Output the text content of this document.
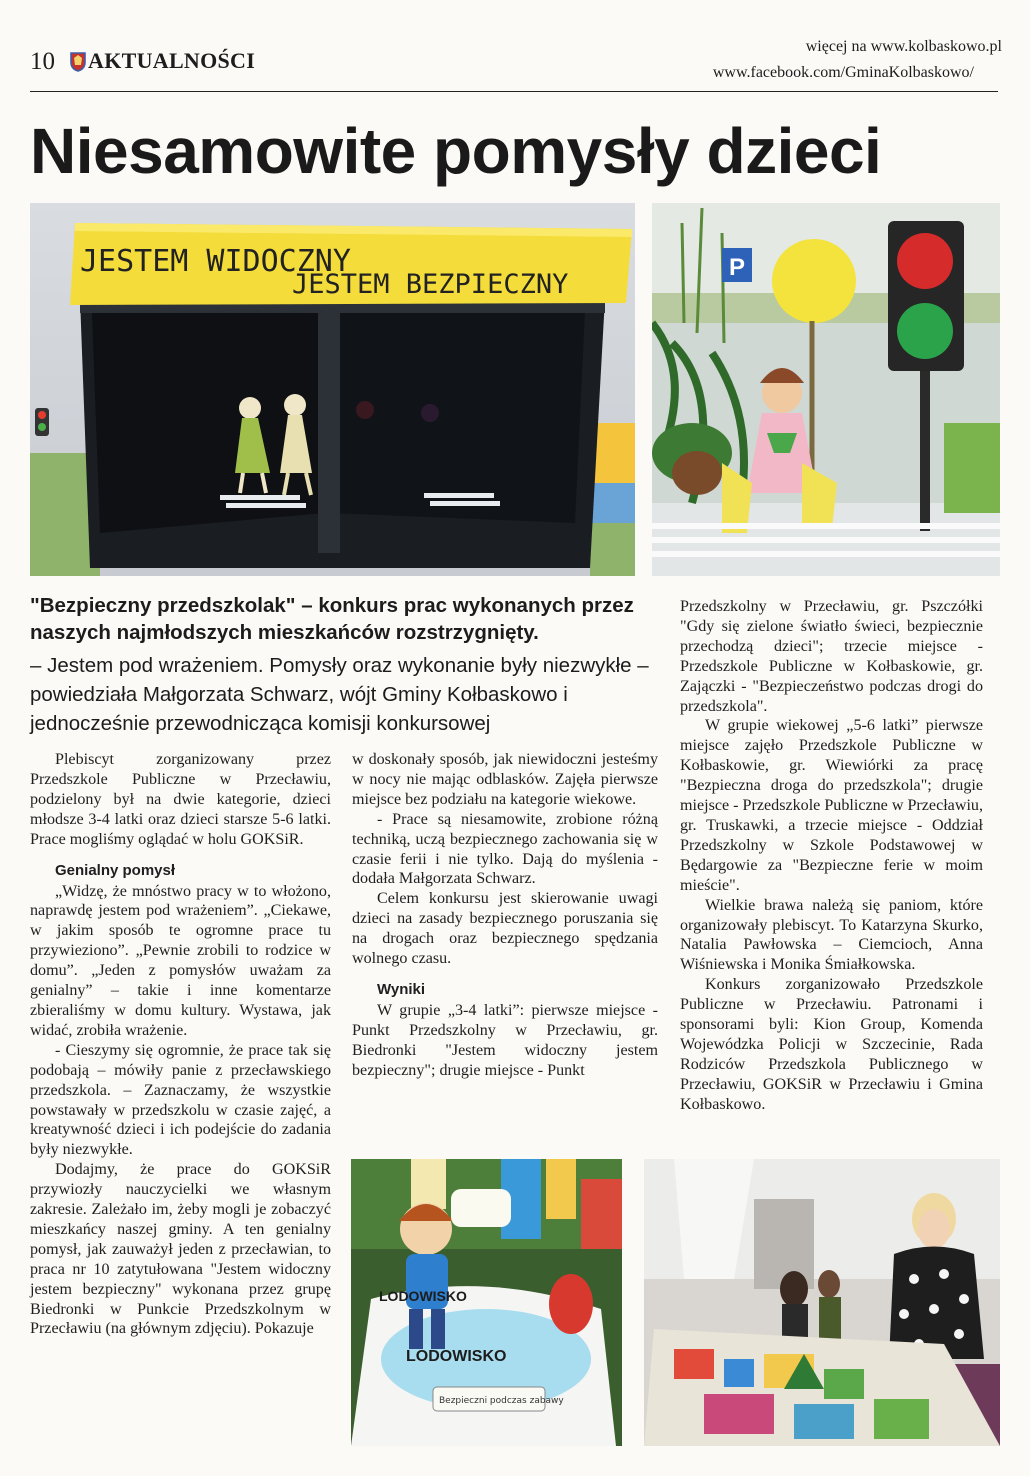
10	AKTUALNOŚCI
więcej na www.kolbaskowo.pl
www.facebook.com/GminaKolbaskowo/
Niesamowite pomysły dzieci
JESTEM WIDOCZNY
JESTEM BEZPIECZNY
P
"Bezpieczny przedszkolak" – konkurs prac wykonanych przez naszych najmłodszych mieszkańców rozstrzygnięty.
– Jestem pod wrażeniem. Pomysły oraz wykonanie były niezwykłe – powiedziała Małgorzata Schwarz, wójt Gminy Kołbaskowo i jednocześnie przewodnicząca komisji konkursowej

Plebiscyt zorganizowany przez Przedszkole Publiczne w Przecławiu, podzielony był na dwie kategorie, dzieci młodsze 3-4 latki oraz dzieci starsze 5-6 latki. Prace mogliśmy oglądać w holu GOKSiR.

Genialny pomysł

„Widzę, że mnóstwo pracy w to włożono, naprawdę jestem pod wrażeniem”. „Ciekawe, w jakim sposób te ogromne prace tu przywieziono”. „Pewnie zrobili to rodzice w domu”. „Jeden z pomysłów uważam za genialny” – takie i inne komentarze zbieraliśmy w domu kultury. Wystawa, jak widać, zrobiła wrażenie.

- Cieszymy się ogromnie, że prace tak się podobają – mówiły panie z przecławskiego przedszkola. – Zaznaczamy, że wszystkie powstawały w przedszkolu w czasie zajęć, a kreatywność dzieci i ich podejście do zadania były niezwykłe.

Dodajmy, że prace do GOKSiR przywiozły nauczycielki we własnym zakresie. Zależało im, żeby mogli je zobaczyć mieszkańcy naszej gminy. A ten genialny pomysł, jak zauważył jeden z przecławian, to praca nr 10 zatytułowana "Jestem widoczny jestem bezpieczny" wykonana przez grupę Biedronki w Punkcie Przedszkolnym w Przecławiu (na głównym zdjęciu). Pokazuje

w doskonały sposób, jak niewidoczni jesteśmy w nocy nie mając odblasków. Zajęła pierwsze miejsce bez podziału na kategorie wiekowe.

- Prace są niesamowite, zrobione różną techniką, uczą bezpiecznego zachowania się w czasie ferii i nie tylko. Dają do myślenia - dodała Małgorzata Schwarz.

Celem konkursu jest skierowanie uwagi dzieci na zasady bezpiecznego poruszania się na drogach oraz bezpiecznego spędzania wolnego czasu.

Wyniki

W grupie „3-4 latki”: pierwsze miejsce - Punkt Przedszkolny w Przecławiu, gr. Biedronki "Jestem widoczny jestem bezpieczny"; drugie miejsce - Punkt

Przedszkolny w Przecławiu, gr. Pszczółki "Gdy się zielone światło świeci, bezpiecznie przechodzą dzieci"; trzecie miejsce - Przedszkole Publiczne w Kołbaskowie, gr. Zajączki - "Bezpieczeństwo podczas drogi do przedszkola".

W grupie wiekowej „5-6 latki” pierwsze miejsce zajęło Przedszkole Publiczne w Kołbaskowie, gr. Wiewiórki za pracę "Bezpieczna droga do przedszkola"; drugie miejsce - Przedszkole Publiczne w Przecławiu, gr. Truskawki, a trzecie miejsce - Oddział Przedszkolny w Szkole Podstawowej w Będargowie za "Bezpieczne ferie w moim mieście".

Wielkie brawa należą się paniom, które organizowały plebiscyt. To Katarzyna Skurko, Natalia Pawłowska – Ciemcioch, Anna Wiśniewska i Monika Śmiałkowska.

Konkurs zorganizowało Przedszkole Publiczne w Przecławiu. Patronami i sponsorami byli: Kion Group, Komenda Wojewódzka Policji w Szczecinie, Rada Rodziców Przedszkola Publicznego w Przecławiu, GOKSiR w Przecławiu i Gmina Kołbaskowo.

LODOWISKO
LODOWISKO
Bezpieczni podczas zabawy
